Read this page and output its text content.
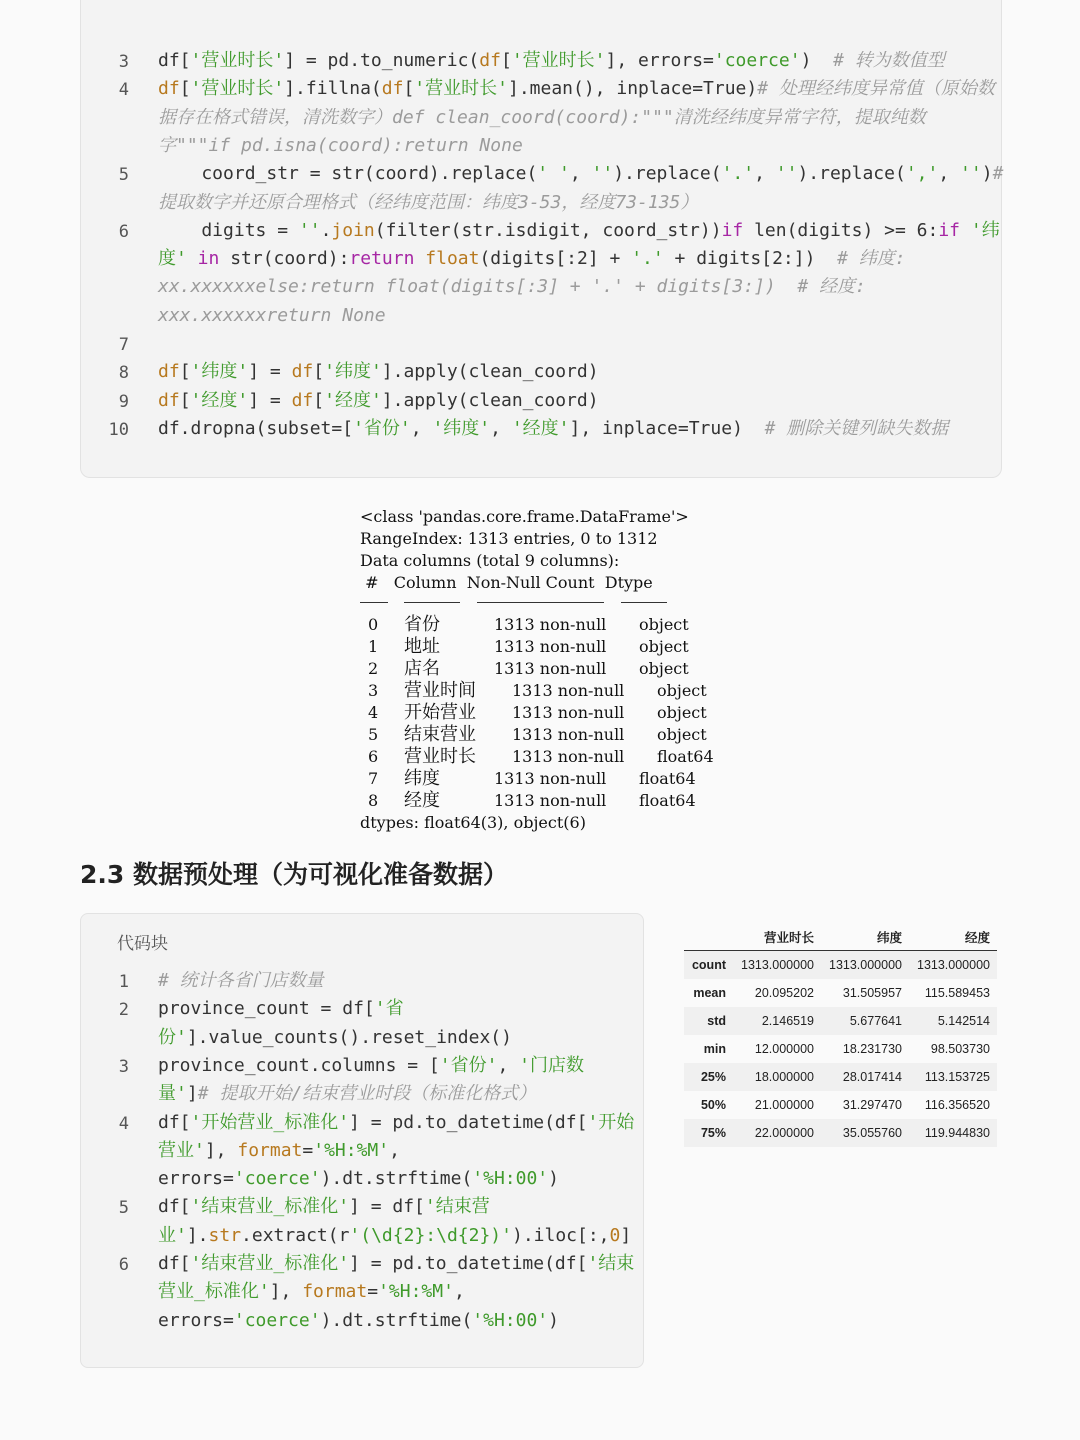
3 df['营业时长'] = pd.to_numeric(df['营业时长'], errors='coerce')  # 转为数值型
4 df['营业时长'].fillna(df['营业时长'].mean(), inplace=True)# 处理经纬度异常值（原始数
据存在格式错误，清洗数字）def clean_coord(coord):"""清洗经纬度异常字符，提取纯数
字"""if pd.isna(coord):return None
5 coord_str = str(coord).replace(' ', '').replace('.', '').replace(',', '')#
提取数字并还原合理格式（经纬度范围：纬度3-53，经度73-135）
6 digits = ''.join(filter(str.isdigit, coord_str))if len(digits) >= 6:if '纬
度' in str(coord):return float(digits[:2] + '.' + digits[2:])  # 纬度:
xx.xxxxxxelse:return float(digits[:3] + '.' + digits[3:])  # 经度:
xxx.xxxxxxreturn None
7
8 df['纬度'] = df['纬度'].apply(clean_coord)
9 df['经度'] = df['经度'].apply(clean_coord)
10 df.dropna(subset=['省份', '纬度', '经度'], inplace=True)  # 删除关键列缺失数据
<class 'pandas.core.frame.DataFrame'>
RangeIndex: 1313 entries, 0 to 1312
Data columns (total 9 columns):
#   Column  Non-Null Count  Dtype
0 省份	1313 non-null object
1 地址	1313 non-null object
2 店名	1313 non-null object
3 营业时间 1313 non-null object
4 开始营业 1313 non-null object
5 结束营业 1313 non-null object
6 营业时长 1313 non-null float64
7 纬度	1313 non-null float64
8 经度	1313 non-null float64
dtypes: float64(3), object(6)
2.3 数据预处理（为可视化准备数据）
代码块
1 # 统计各省门店数量
2 province_count = df['省
份'].value_counts().reset_index()
3 province_count.columns = ['省份', '门店数
量']# 提取开始/结束营业时段（标准化格式）
4 df['开始营业_标准化'] = pd.to_datetime(df['开始
营业'], format='%H:%M',
errors='coerce').dt.strftime('%H:00')
5 df['结束营业_标准化'] = df['结束营
业'].str.extract(r'(\d{2}:\d{2})').iloc[:,0]
6 df['结束营业_标准化'] = pd.to_datetime(df['结束
营业_标准化'], format='%H:%M',
errors='coerce').dt.strftime('%H:00')
营业时长	纬度	经度
count	1313.000000	1313.000000	1313.000000
mean	20.095202	31.505957	115.589453
std	2.146519	5.677641	5.142514
min	12.000000	18.231730	98.503730
25%	18.000000	28.017414	113.153725
50%	21.000000	31.297470	116.356520
75%	22.000000	35.055760	119.944830
